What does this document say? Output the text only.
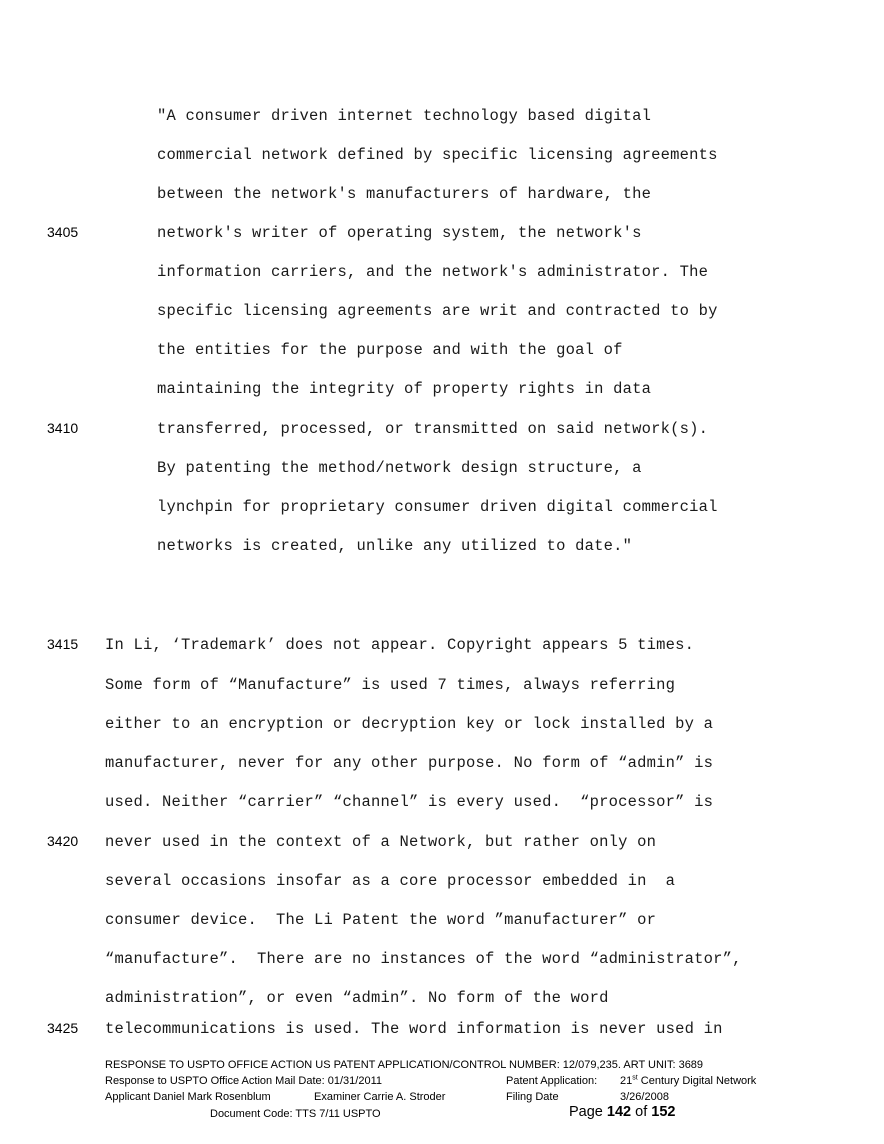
"A consumer driven internet technology based digital
commercial network defined by specific licensing agreements
between the network's manufacturers of hardware, the
network's writer of operating system, the network's
information carriers, and the network's administrator. The
specific licensing agreements are writ and contracted to by
the entities for the purpose and with the goal of
maintaining the integrity of property rights in data
transferred, processed, or transmitted on said network(s).
By patenting the method/network design structure, a
lynchpin for proprietary consumer driven digital commercial
networks is created, unlike any utilized to date."
In Li, ‘Trademark’ does not appear. Copyright appears 5 times.
Some form of “Manufacture” is used 7 times, always referring
either to an encryption or decryption key or lock installed by a
manufacturer, never for any other purpose. No form of “admin” is
used. Neither “carrier” “channel” is every used.  “processor” is
never used in the context of a Network, but rather only on
several occasions insofar as a core processor embedded in  a
consumer device.  The Li Patent the word ”manufacturer” or
“manufacture”.  There are no instances of the word “administrator”,
administration”, or even “admin”. No form of the word
telecommunications is used. The word information is never used in
3405
3410
3415
3420
3425
RESPONSE TO USPTO OFFICE ACTION US PATENT APPLICATION/CONTROL NUMBER: 12/079,235. ART UNIT: 3689
Response to USPTO Office Action Mail Date: 01/31/2011	Patent Application: 21st Century Digital Network
Applicant Daniel Mark Rosenblum	Examiner Carrie A. Stroder	Filing Date	3/26/2008
Document Code: TTS 7/11 USPTO	Page 142 of 152
